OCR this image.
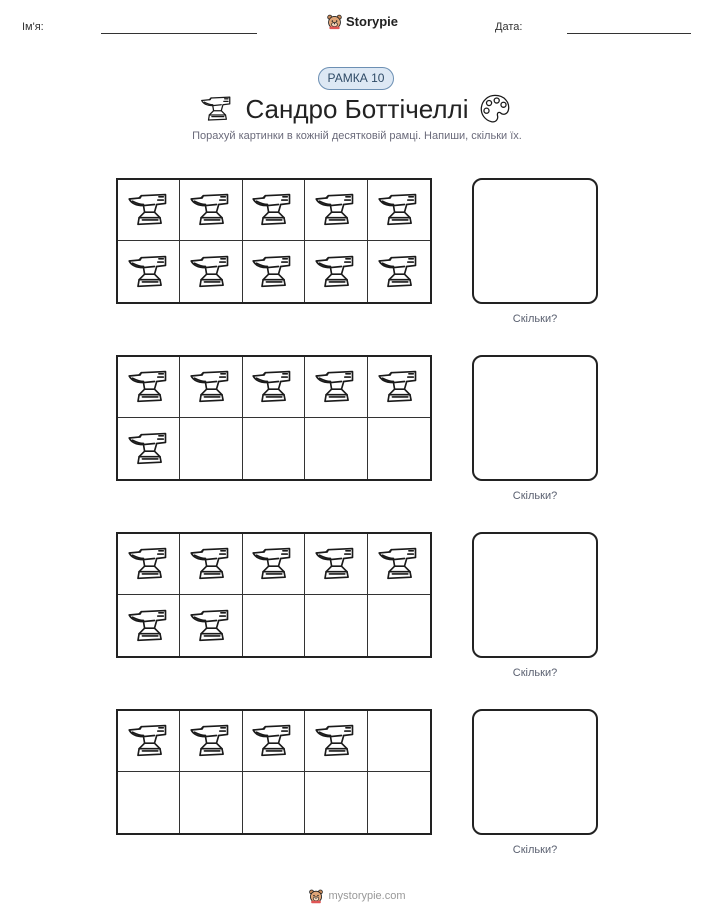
Ім'я:	Storypie	Дата:
РАМКА 10
Сандро Боттічеллі
Порахуй картинки в кожній десятковій рамці. Напиши, скільки їх.
Скільки?
Скільки?
Скільки?
Скільки?
mystorypie.com
